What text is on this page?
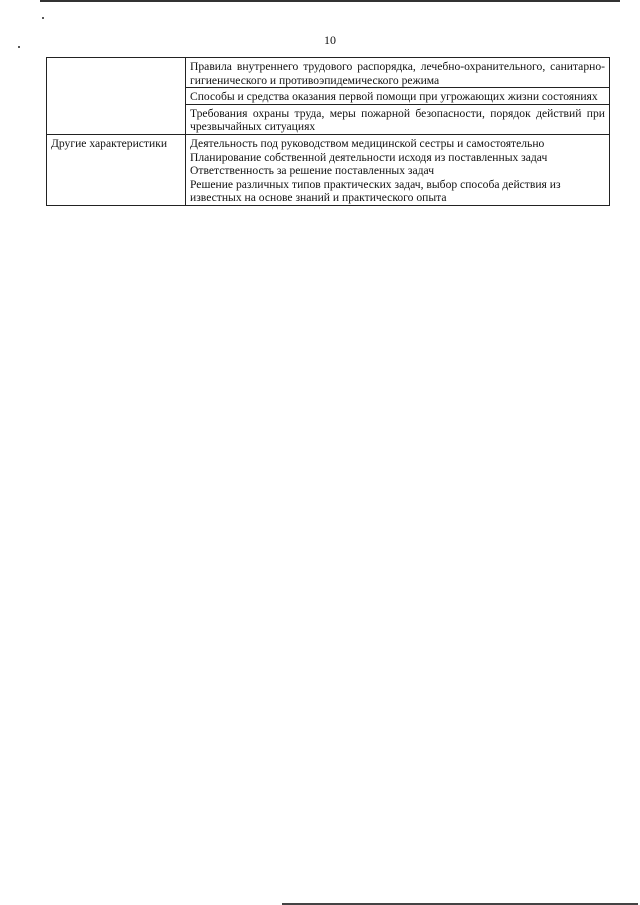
10
	Правила внутреннего трудового распорядка, лечебно-охранительного, санитарно-гигиенического и противоэпидемического режима
	Способы и средства оказания первой помощи при угрожающих жизни состояниях
	Требования охраны труда, меры пожарной безопасности, порядок действий при чрезвычайных ситуациях
Другие характеристики	Деятельность под руководством медицинской сестры и самостоятельно

Планирование собственной деятельности исходя из поставленных задач

Ответственность за решение поставленных задач

Решение различных типов практических задач, выбор способа действия из известных на основе знаний и практического опыта
